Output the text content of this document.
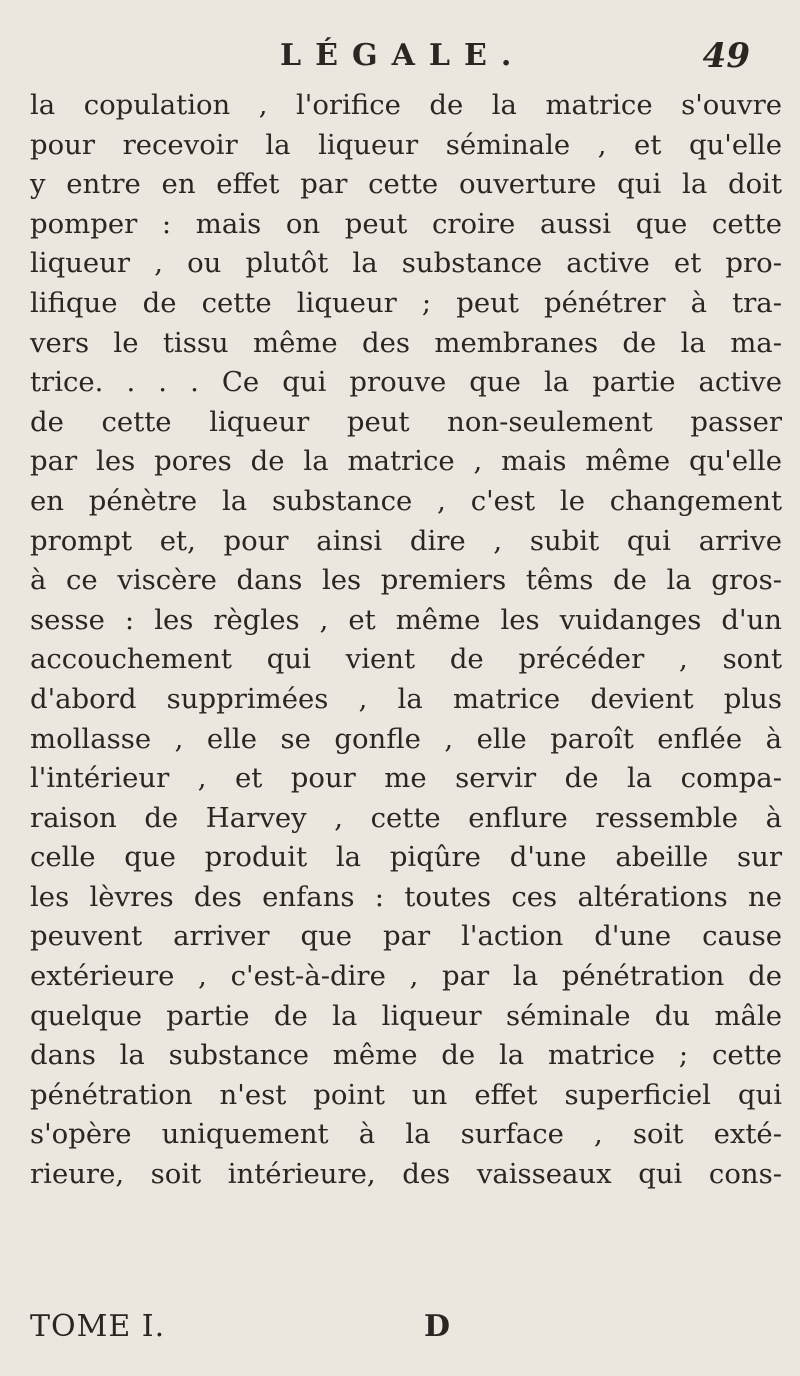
LÉGALE.	49
la copulation , l'orifice de la matrice s'ouvre
pour recevoir la liqueur séminale , et qu'elle
y entre en effet par cette ouverture qui la doit
pomper : mais on peut croire aussi que cette
liqueur , ou plutôt la substance active et pro-
lifique de cette liqueur ; peut pénétrer à tra-
vers le tissu même des membranes de la ma-
trice. . . . Ce qui prouve que la partie active
de cette liqueur peut non-seulement passer
par les pores de la matrice , mais même qu'elle
en pénètre la substance , c'est le changement
prompt et, pour ainsi dire , subit qui arrive
à ce viscère dans les premiers têms de la gros-
sesse : les règles , et même les vuidanges d'un
accouchement qui vient de précéder , sont
d'abord supprimées , la matrice devient plus
mollasse , elle se gonfle , elle paroît enflée à
l'intérieur , et pour me servir de la compa-
raison de Harvey , cette enflure ressemble à
celle que produit la piqûre d'une abeille sur
les lèvres des enfans : toutes ces altérations ne
peuvent arriver que par l'action d'une cause
extérieure , c'est-à-dire , par la pénétration de
quelque partie de la liqueur séminale du mâle
dans la substance même de la matrice ; cette
pénétration n'est point un effet superficiel qui
s'opère uniquement à la surface , soit exté-
rieure, soit intérieure, des vaisseaux qui cons-
TOME I.	D
